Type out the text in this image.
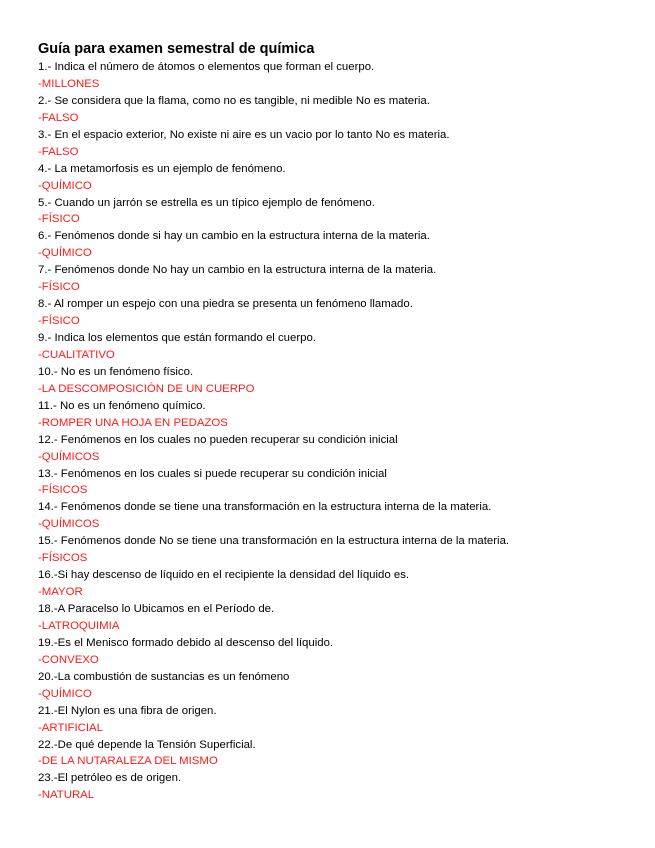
Guía para examen semestral de química
1.- Indica el número de átomos o elementos que forman el cuerpo.
-MILLONES
2.- Se considera que la flama, como no es tangible, ni medible No es materia.
-FALSO
3.- En el espacio exterior, No existe ni aire es un vacio por lo tanto No es materia.
-FALSO
4.- La metamorfosis es un ejemplo de fenómeno.
-QUÍMICO
5.- Cuando un jarrón se estrella es un típico ejemplo de fenómeno.
-FÍSICO
6.- Fenómenos donde si hay un cambio en la estructura interna de la materia.
-QUÍMICO
7.- Fenómenos donde No hay un cambio en la estructura interna de la materia.
-FÍSICO
8.- Al romper un espejo con una piedra se presenta un fenómeno llamado.
-FÍSICO
9.- Indica los elementos que están formando el cuerpo.
-CUALITATIVO
10.- No es un fenómeno físico.
-LA DESCOMPOSICIÓN DE UN CUERPO
11.- No es un fenómeno químico.
-ROMPER UNA HOJA EN PEDAZOS
12.- Fenómenos en los cuales no pueden recuperar su condición inicial
-QUÍMICOS
13.- Fenómenos en los cuales si puede recuperar su condición inicial
-FÍSICOS
14.- Fenómenos donde se tiene una transformación en la estructura interna de la materia.
-QUÍMICOS
15.- Fenómenos donde No se tiene una transformación en la estructura interna de la materia.
-FÍSICOS
16.-Si hay descenso de líquido en el recipiente la densidad del líquido es.
-MAYOR
18.-A Paracelso lo Ubicamos en el Período de.
-LATROQUIMIA
19.-Es el Menisco formado debido al descenso del líquido.
-CONVEXO
20.-La combustión de sustancias es un fenómeno
-QUÍMICO
21.-El Nylon es una fibra de origen.
-ARTIFICIAL
22.-De qué depende la Tensión Superficial.
-DE LA NUTARALEZA DEL MISMO
23.-El petróleo es de origen.
-NATURAL
